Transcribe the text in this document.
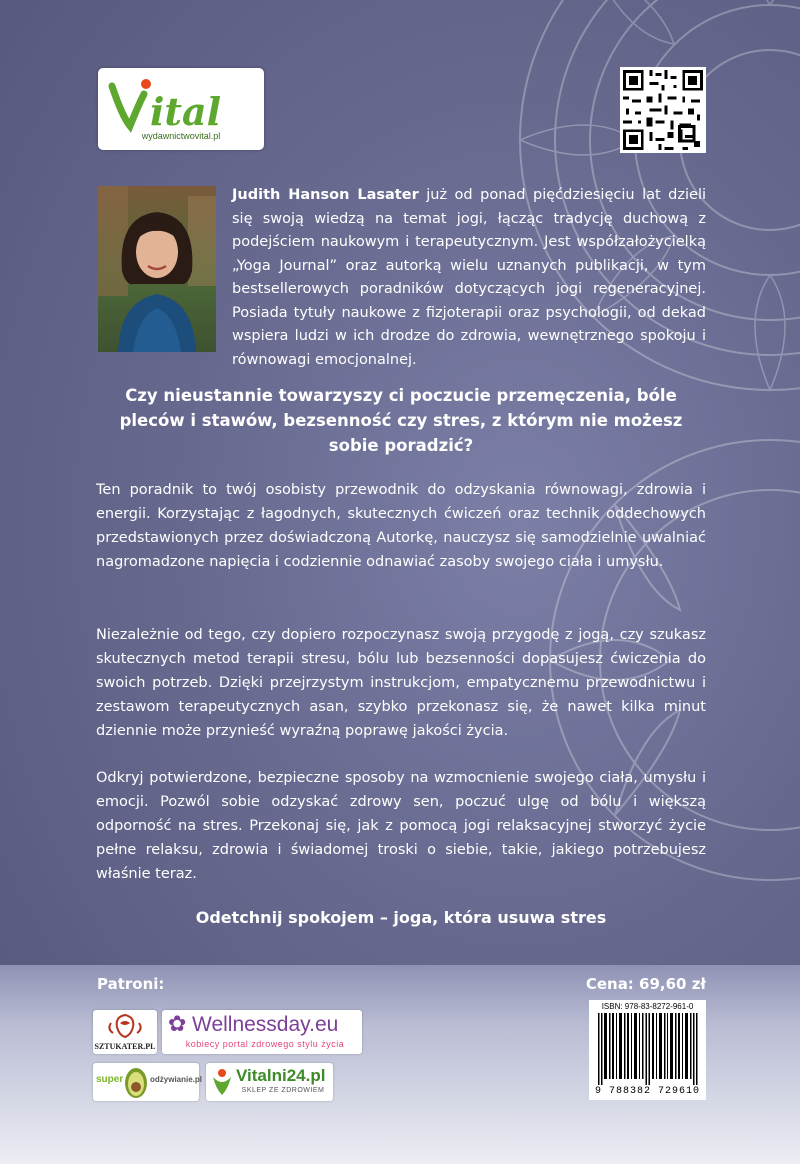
ital
wydawnictwovital.pl

Judith Hanson Lasater już od ponad pięćdziesięciu lat dzieli się swoją wiedzą na temat jogi, łącząc tradycję duchową z podejściem naukowym i terapeutycznym. Jest współzałożycielką „Yoga Journal” oraz autorką wielu uznanych publikacji, w tym bestsellerowych poradników dotyczących jogi regeneracyjnej. Posiada tytuły naukowe z fizjoterapii oraz psychologii, od dekad wspiera ludzi w ich drodze do zdrowia, wewnętrznego spokoju i równowagi emocjonalnej.

Czy nieustannie towarzyszy ci poczucie przemęczenia, bóle pleców i stawów, bezsenność czy stres, z którym nie możesz sobie poradzić?

Ten poradnik to twój osobisty przewodnik do odzyskania równowagi, zdrowia i energii. Korzystając z łagodnych, skutecznych ćwiczeń oraz technik oddechowych przedstawionych przez doświadczoną Autorkę, nauczysz się samodzielnie uwalniać nagromadzone napięcia i codziennie odnawiać zasoby swojego ciała i umysłu.

Niezależnie od tego, czy dopiero rozpoczynasz swoją przygodę z jogą, czy szukasz skutecznych metod terapii stresu, bólu lub bezsenności dopasujesz ćwiczenia do swoich potrzeb. Dzięki przejrzystym instrukcjom, empatycznemu przewodnictwu i zestawom terapeutycznych asan, szybko przekonasz się, że nawet kilka minut dziennie może przynieść wyraźną poprawę jakości życia.

Odkryj potwierdzone, bezpieczne sposoby na wzmocnienie swojego ciała, umysłu i emocji. Pozwól sobie odzyskać zdrowy sen, poczuć ulgę od bólu i większą odporność na stres. Przekonaj się, jak z pomocą jogi relaksacyjnej stworzyć życie pełne relaksu, zdrowia i świadomej troski o siebie, takie, jakiego potrzebujesz właśnie teraz.

Odetchnij spokojem – joga, która usuwa stres

Patroni:	Cena: 69,60 zł
SZTUKATER.PL
✿ Wellnessday.eu
kobiecy portal zdrowego stylu życia
super	odżywianie.pl Vitalni24.pl
SKLEP ZE ZDROWIEM
ISBN: 978-83-8272-961-0
9 788382 729610
